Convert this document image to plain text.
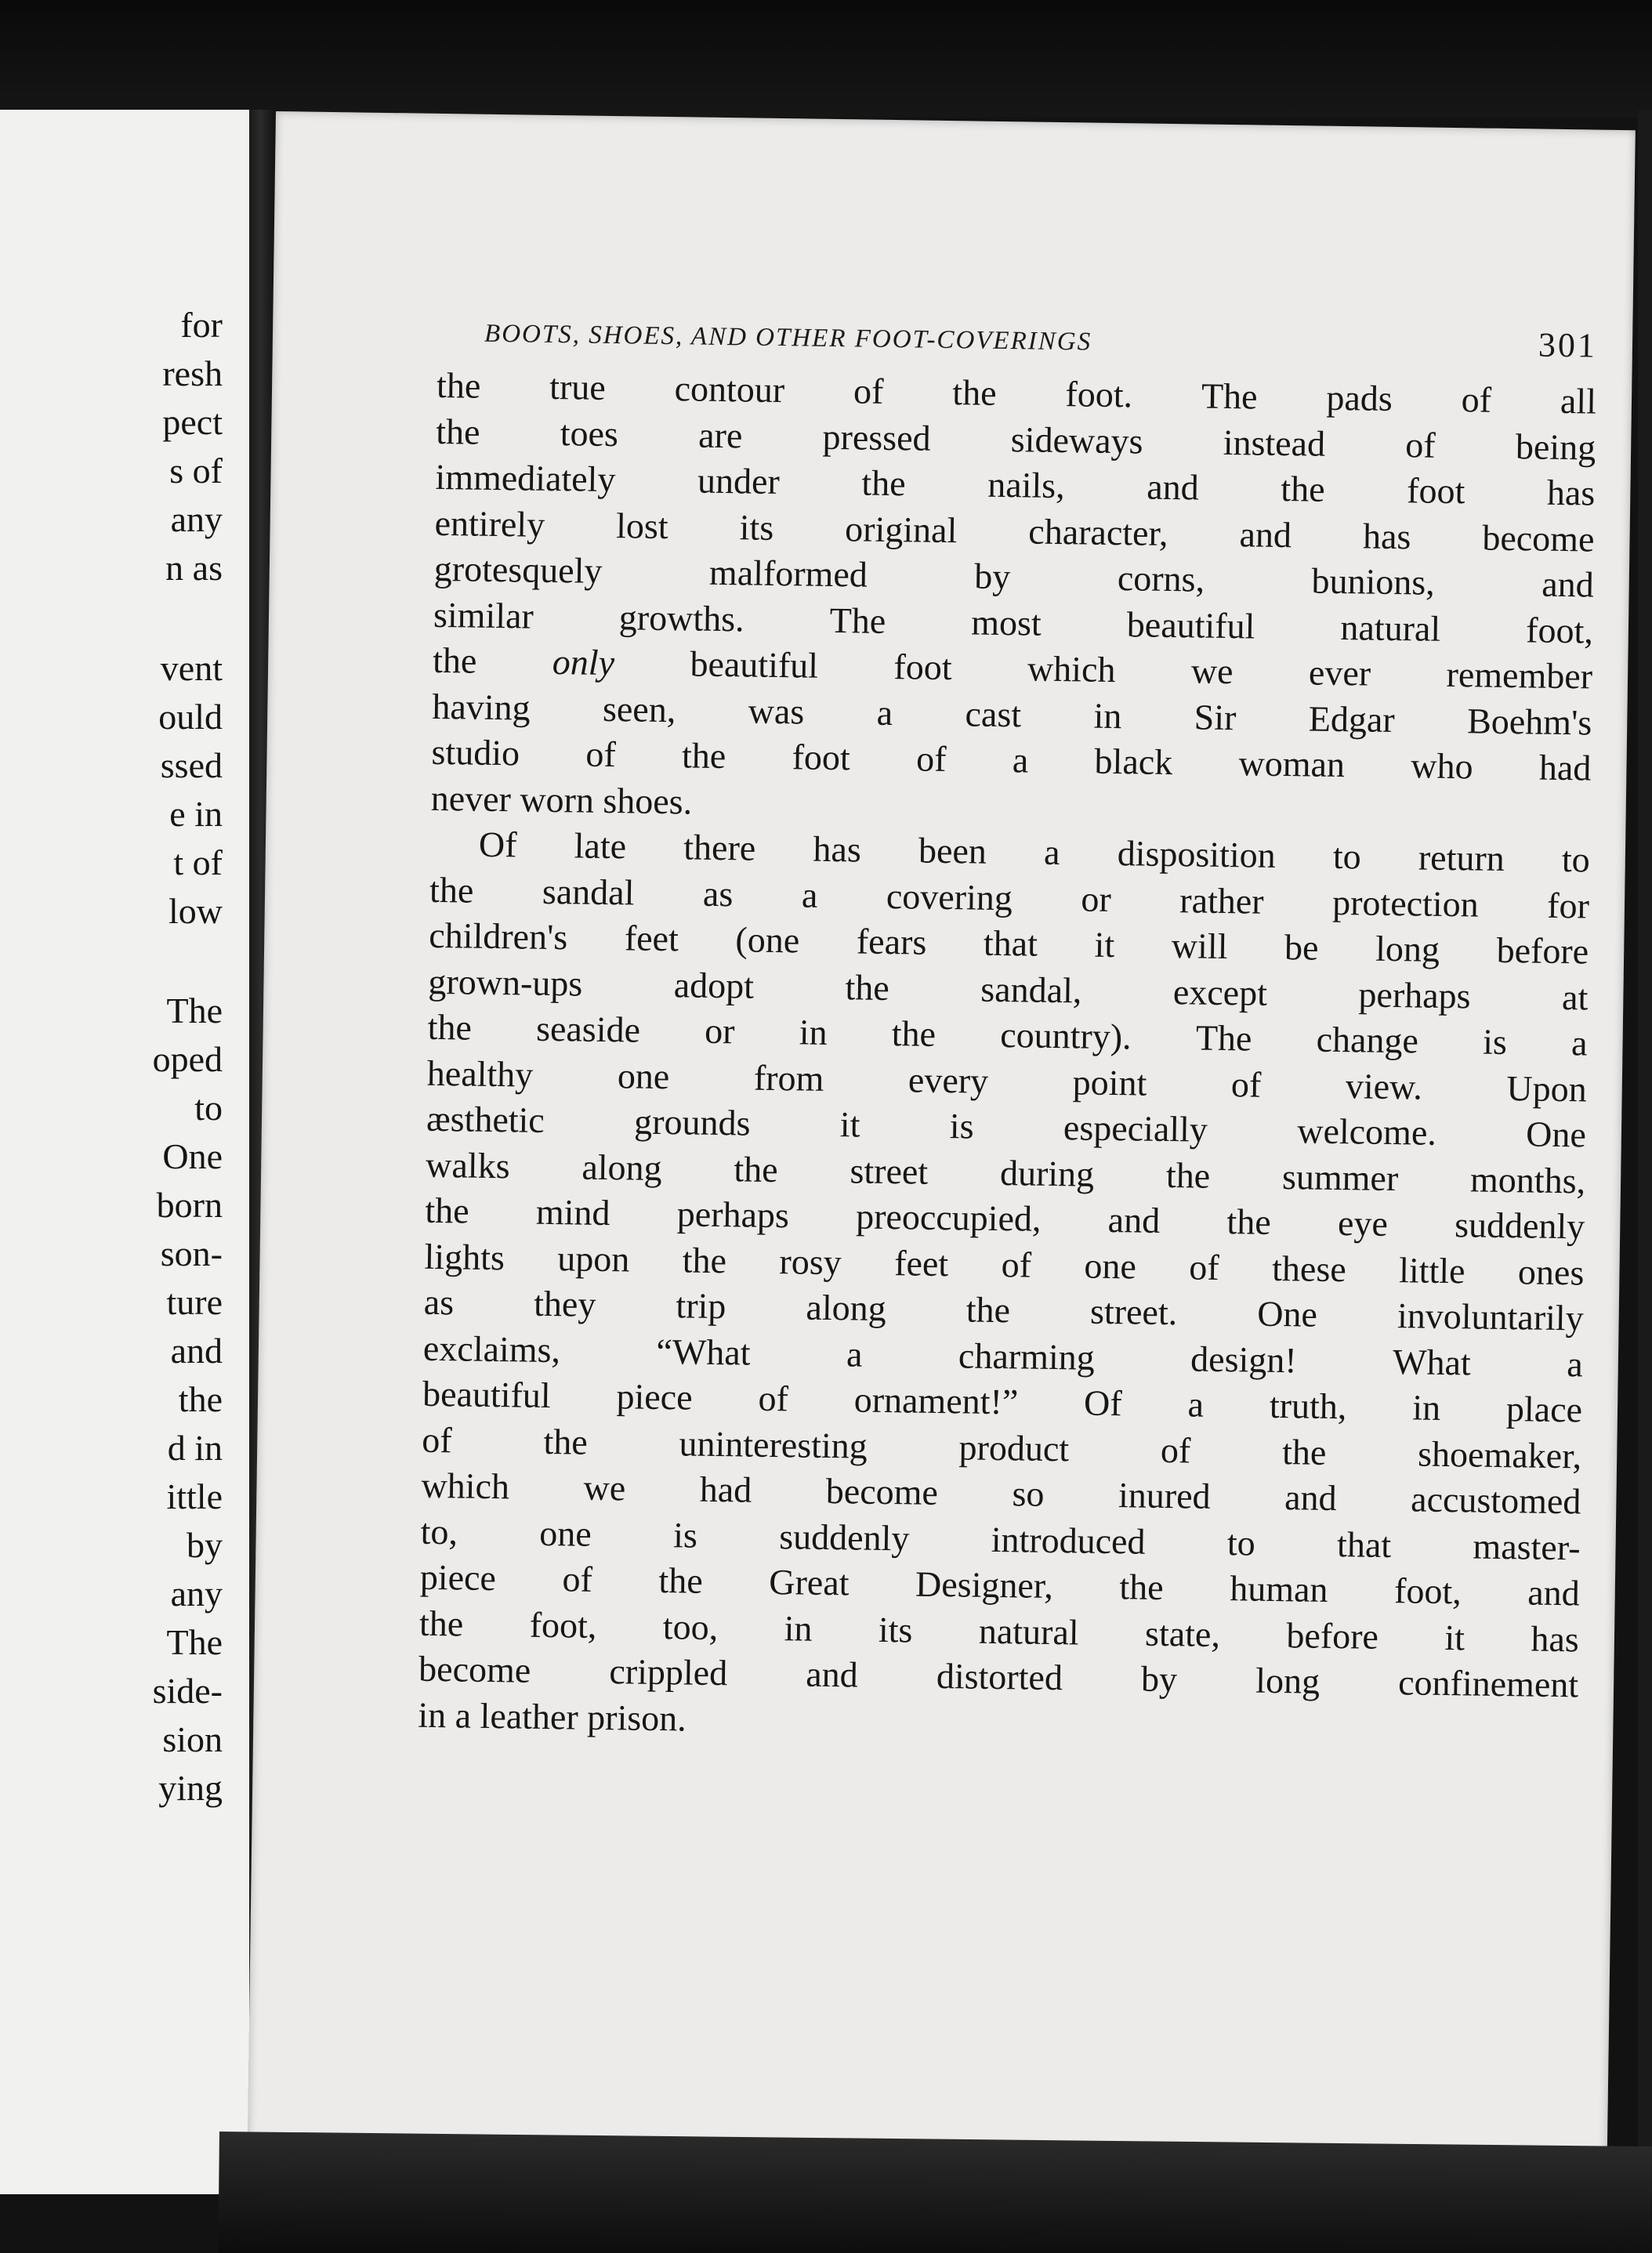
for
resh
pect
s of
any
n as
vent
ould
ssed
e in
t of
low
The
oped
to
One
born
son-
ture
and
the
d in
ittle
by
any
The
side-
sion
ying
BOOTS, SHOES, AND OTHER FOOT-COVERINGS	301
the true contour of the foot. The pads of all
the toes are pressed sideways instead of being
immediately under the nails, and the foot has
entirely lost its original character, and has become
grotesquely	malformed	by	corns,	bunions,	and
similar growths. The most beautiful natural foot,
the only beautiful foot which we ever remember
having seen, was a cast in Sir Edgar Boehm's
studio of the foot of a black woman who had
never worn shoes.
Of late there has been a disposition to return to
the sandal as a covering or rather protection for
children's feet (one fears that it will be long before
grown-ups	adopt	the	sandal,	except	perhaps	at
the seaside or in the country). The change is a
healthy one from every point of view. Upon
æsthetic grounds it is especially welcome. One
walks along the street during the summer months,
the mind perhaps preoccupied, and the eye suddenly
lights upon the rosy feet of one of these little ones
as they trip along the street. One involuntarily
exclaims,	“What	a	charming	design!	What	a
beautiful piece of ornament!” Of a truth, in place
of	the	uninteresting	product	of	the	shoemaker,
which we had become so inured and accustomed
to, one is suddenly introduced to that master-
piece of the Great Designer, the human foot, and
the foot, too, in its natural state, before it has
become crippled and distorted by long confinement
in a leather prison.
